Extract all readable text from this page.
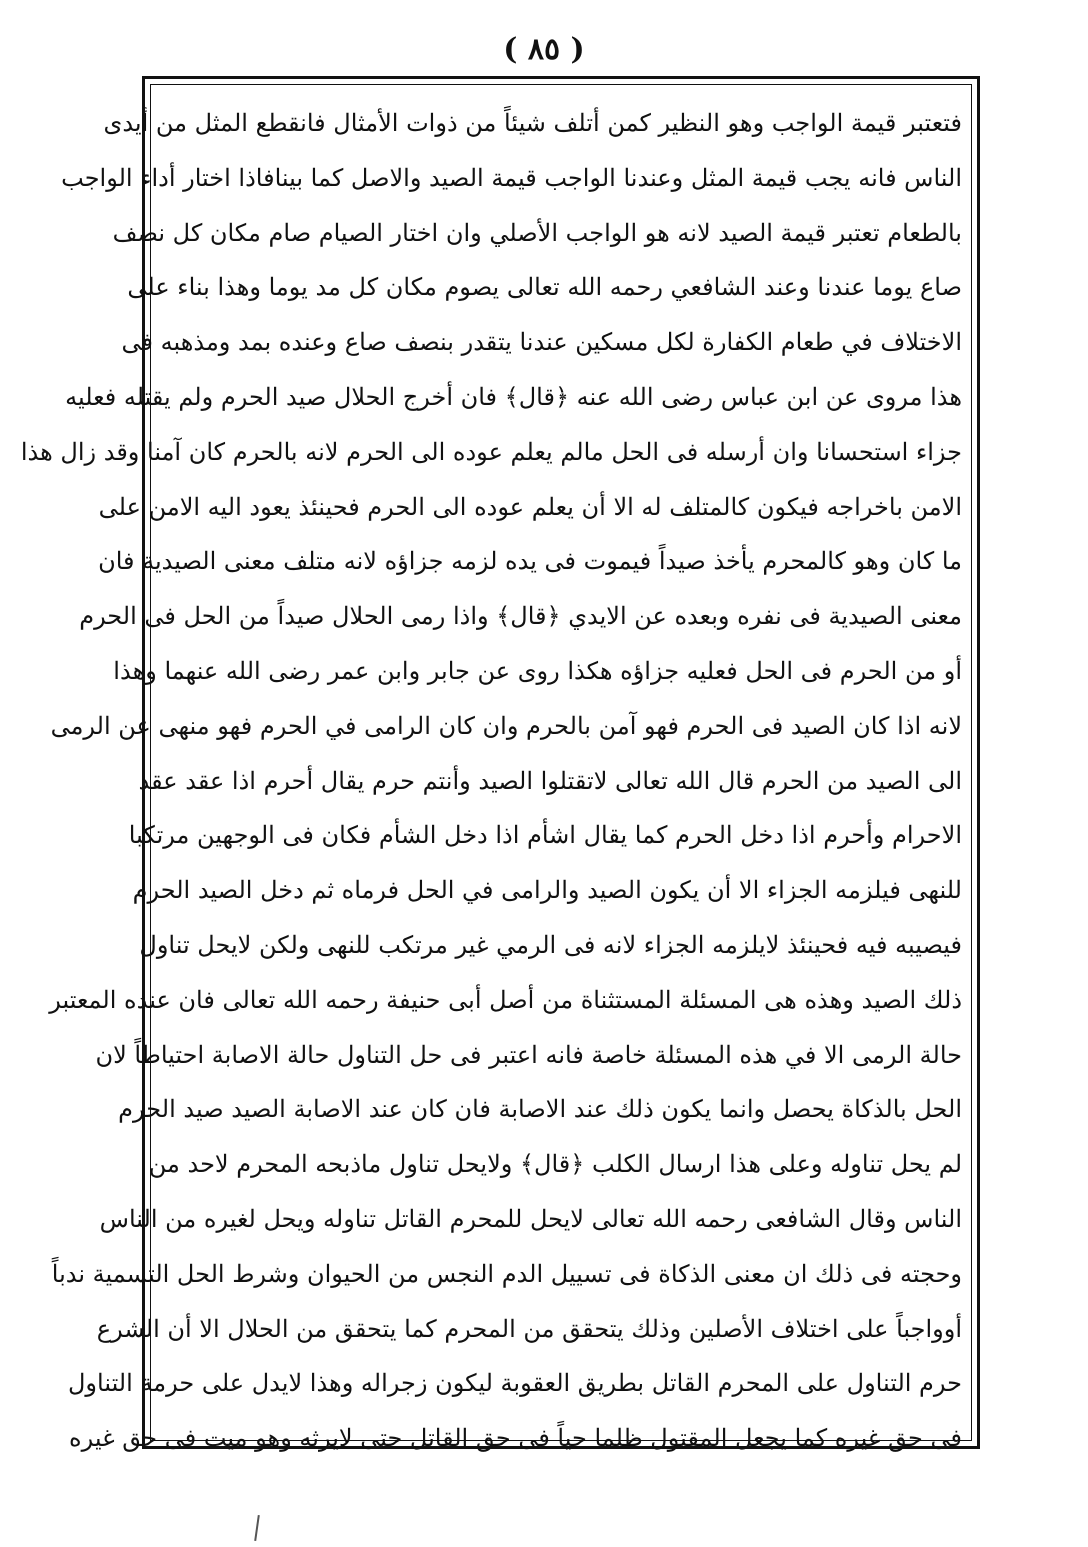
( ٨٥ )
فتعتبر قيمة الواجب وهو النظير كمن أتلف شيئاً من ذوات الأمثال فانقطع المثل من أيدى
الناس فانه يجب قيمة المثل وعندنا الواجب قيمة الصيد والاصل كما بينافاذا اختار أداء الواجب
بالطعام تعتبر قيمة الصيد لانه هو الواجب الأصلي وان اختار الصيام صام مكان كل نصف
صاع يوما عندنا وعند الشافعي رحمه الله تعالى يصوم مكان كل مد يوما وهذا بناء على
الاختلاف في طعام الكفارة لكل مسكين عندنا يتقدر بنصف صاع وعنده بمد ومذهبه فى
هذا مروى عن ابن عباس رضى الله عنه ﴿قال﴾ فان أخرج الحلال صيد الحرم ولم يقتله فعليه
جزاء استحسانا وان أرسله فى الحل مالم يعلم عوده الى الحرم لانه بالحرم كان آمنا وقد زال هذا
الامن باخراجه فيكون كالمتلف له الا أن يعلم عوده الى الحرم فحينئذ يعود اليه الامن على
ما كان وهو كالمحرم يأخذ صيداً فيموت فى يده لزمه جزاؤه لانه متلف معنى الصيدية فان
معنى الصيدية فى نفره وبعده عن الايدي ﴿قال﴾ واذا رمى الحلال صيداً من الحل فى الحرم
أو من الحرم فى الحل فعليه جزاؤه هكذا روى عن جابر وابن عمر رضى الله عنهما وهذا
لانه اذا كان الصيد فى الحرم فهو آمن بالحرم وان كان الرامى في الحرم فهو منهى عن الرمى
الى الصيد من الحرم قال الله تعالى لاتقتلوا الصيد وأنتم حرم يقال أحرم اذا عقد عقد
الاحرام وأحرم اذا دخل الحرم كما يقال اشأم اذا دخل الشأم فكان فى الوجهين مرتكبا
للنهى فيلزمه الجزاء الا أن يكون الصيد والرامى في الحل فرماه ثم دخل الصيد الحرم
فيصيبه فيه فحينئذ لايلزمه الجزاء لانه فى الرمي غير مرتكب للنهى ولكن لايحل تناول
ذلك الصيد وهذه هى المسئلة المستثناة من أصل أبى حنيفة رحمه الله تعالى فان عنده المعتبر
حالة الرمى الا في هذه المسئلة خاصة فانه اعتبر فى حل التناول حالة الاصابة احتياطاً لان
الحل بالذكاة يحصل وانما يكون ذلك عند الاصابة فان كان عند الاصابة الصيد صيد الحرم
لم يحل تناوله وعلى هذا ارسال الكلب ﴿قال﴾ ولايحل تناول ماذبحه المحرم لاحد من
الناس وقال الشافعى رحمه الله تعالى لايحل للمحرم القاتل تناوله ويحل لغيره من الناس
وحجته فى ذلك ان معنى الذكاة فى تسييل الدم النجس من الحيوان وشرط الحل التسمية ندباً
أوواجباً على اختلاف الأصلين وذلك يتحقق من المحرم كما يتحقق من الحلال الا أن الشرع
حرم التناول على المحرم القاتل بطريق العقوبة ليكون زجراله وهذا لايدل على حرمة التناول
فى حق غيره كما يجعل المقتول ظلما حياً فى حق القاتل حتى لايرثه وهو ميت فى حق غيره
